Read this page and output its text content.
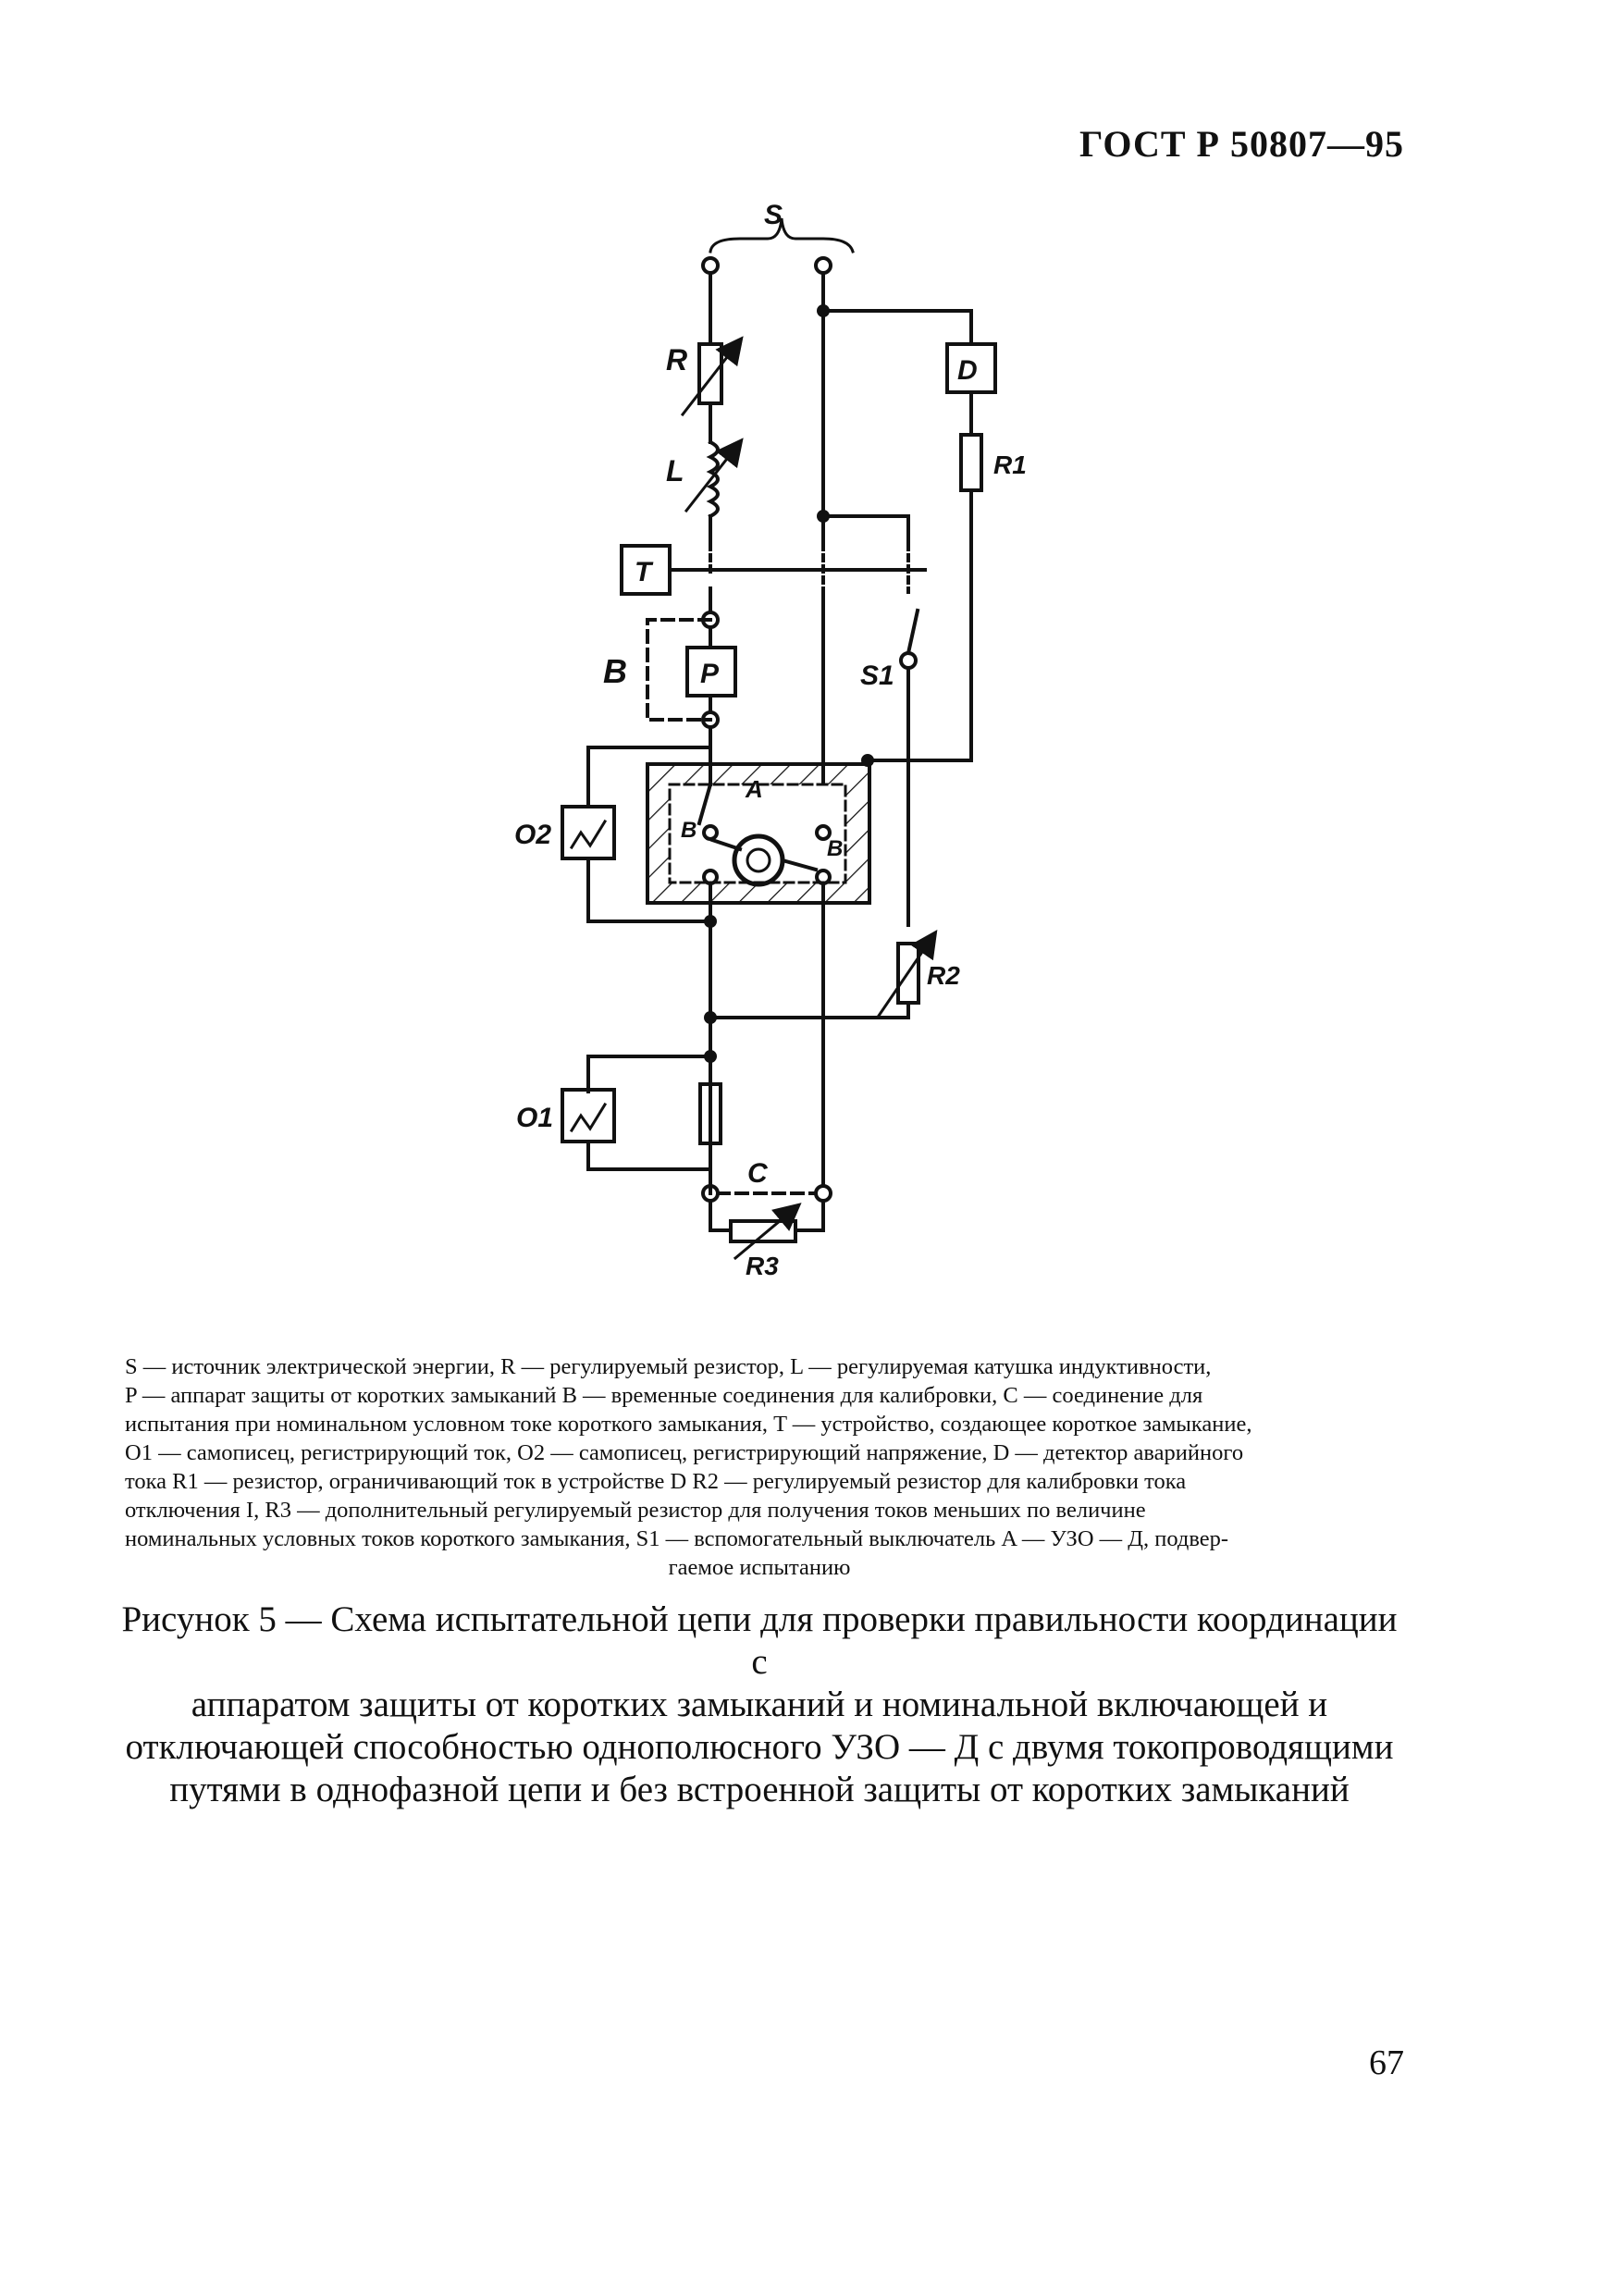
ГОСТ Р 50807—95
S
R
L
D
R1
T
B	P	S1
A
B
B
O2
R2
O1
C
R3
S — источник электрической энергии, R — регулируемый резистор, L — регулируемая катушка индуктивности,
P — аппарат защиты от коротких замыканий B — временные соединения для калибровки, C — соединение для
испытания при номинальном условном токе короткого замыкания, T — устройство, создающее короткое замыкание,
O1 — самописец, регистрирующий ток, O2 — самописец, регистрирующий напряжение, D — детектор аварийного
тока R1 — резистор, ограничивающий ток в устройстве D R2 — регулируемый резистор для калибровки тока
отключения I, R3 — дополнительный регулируемый резистор для получения токов меньших по величине
номинальных условных токов короткого замыкания, S1 — вспомогательный выключатель A — УЗО — Д, подвер-
гаемое испытанию
Рисунок 5 — Схема испытательной цепи для проверки правильности координации с
аппаратом защиты от коротких замыканий и номинальной включающей и
отключающей способностью однополюсного УЗО — Д с двумя токопроводящими
путями в однофазной цепи и без встроенной защиты от коротких замыканий
67
